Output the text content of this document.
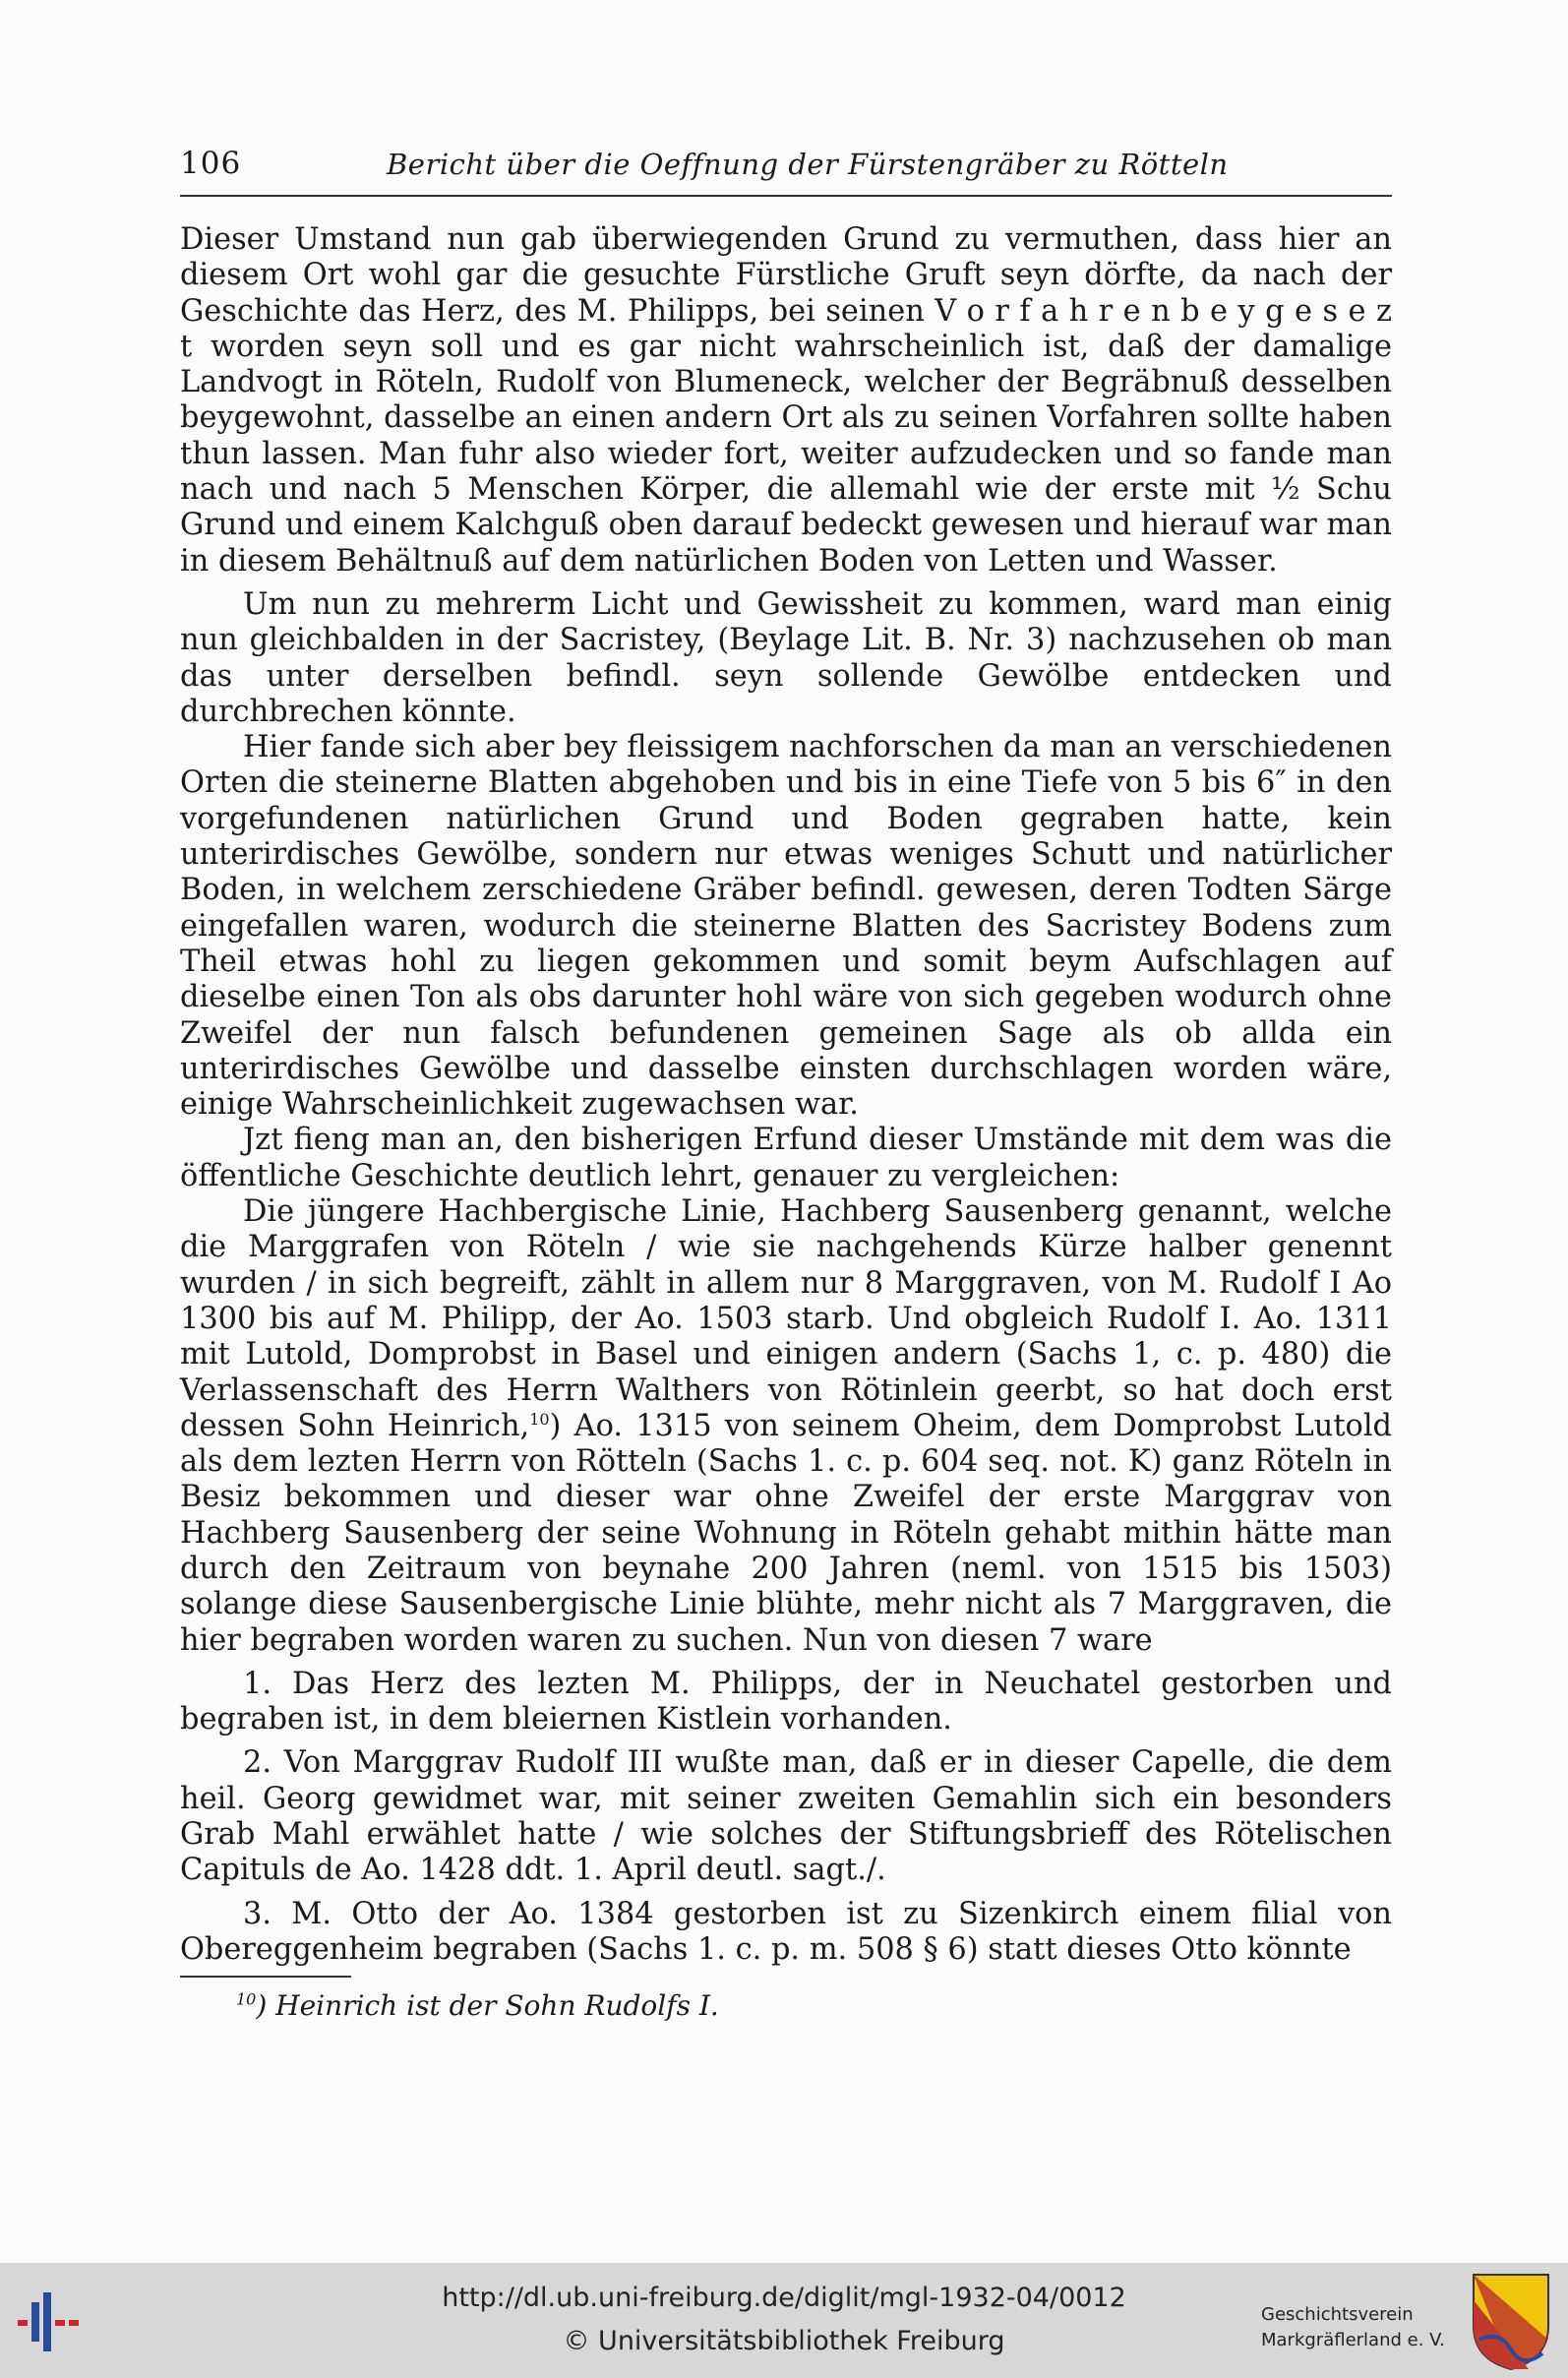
106	Bericht über die Oeffnung der Fürstengräber zu Rötteln

Dieser Umstand nun gab überwiegenden Grund zu vermuthen, dass hier an diesem Ort wohl gar die gesuchte Fürstliche Gruft seyn dörfte, da nach der Geschichte das Herz, des M. Philipps, bei seinen V o r f a h r e n b e y g e s e z t worden seyn soll und es gar nicht wahrscheinlich ist, daß der damalige Landvogt in Röteln, Rudolf von Blumeneck, welcher der Begräbnuß desselben beygewohnt, dasselbe an einen andern Ort als zu seinen Vorfahren sollte haben thun lassen. Man fuhr also wieder fort, weiter aufzudecken und so fande man nach und nach 5 Menschen Körper, die allemahl wie der erste mit ½ Schu Grund und einem Kalchguß oben darauf bedeckt gewesen und hierauf war man in diesem Behältnuß auf dem natürlichen Boden von Letten und Wasser.

Um nun zu mehrerm Licht und Gewissheit zu kommen, ward man einig nun gleichbalden in der Sacristey, (Beylage Lit. B. Nr. 3) nachzusehen ob man das unter derselben befindl. seyn sollende Gewölbe entdecken und durchbrechen könnte.

Hier fande sich aber bey fleissigem nachforschen da man an verschiedenen Orten die steinerne Blatten abgehoben und bis in eine Tiefe von 5 bis 6″ in den vorgefundenen natürlichen Grund und Boden gegraben hatte, kein unterirdisches Gewölbe, sondern nur etwas weniges Schutt und natürlicher Boden, in welchem zerschiedene Gräber befindl. gewesen, deren Todten Särge eingefallen waren, wodurch die steinerne Blatten des Sacristey Bodens zum Theil etwas hohl zu liegen gekommen und somit beym Aufschlagen auf dieselbe einen Ton als obs darunter hohl wäre von sich gegeben wodurch ohne Zweifel der nun falsch befundenen gemeinen Sage als ob allda ein unterirdisches Gewölbe und dasselbe einsten durchschlagen worden wäre, einige Wahrscheinlichkeit zugewachsen war.

Jzt fieng man an, den bisherigen Erfund dieser Umstände mit dem was die öffentliche Geschichte deutlich lehrt, genauer zu vergleichen:

Die jüngere Hachbergische Linie, Hachberg Sausenberg genannt, welche die Marggrafen von Röteln / wie sie nachgehends Kürze halber genennt wurden / in sich begreift, zählt in allem nur 8 Marggraven, von M. Rudolf I Ao 1300 bis auf M. Philipp, der Ao. 1503 starb. Und obgleich Rudolf I. Ao. 1311 mit Lutold, Domprobst in Basel und einigen andern (Sachs 1, c. p. 480) die Verlassenschaft des Herrn Walthers von Rötinlein geerbt, so hat doch erst dessen Sohn Heinrich,$^{10}$) Ao. 1315 von seinem Oheim, dem Domprobst Lutold als dem lezten Herrn von Rötteln (Sachs 1. c. p. 604 seq. not. K) ganz Röteln in Besiz bekommen und dieser war ohne Zweifel der erste Marggrav von Hachberg Sausenberg der seine Wohnung in Röteln gehabt mithin hätte man durch den Zeitraum von beynahe 200 Jahren (neml. von 1515 bis 1503) solange diese Sausenbergische Linie blühte, mehr nicht als 7 Marggraven, die hier begraben worden waren zu suchen. Nun von diesen 7 ware

1. Das Herz des lezten M. Philipps, der in Neuchatel gestorben und begraben ist, in dem bleiernen Kistlein vorhanden.

2. Von Marggrav Rudolf III wußte man, daß er in dieser Capelle, die dem heil. Georg gewidmet war, mit seiner zweiten Gemahlin sich ein besonders Grab Mahl erwählet hatte / wie solches der Stiftungsbrieff des Rötelischen Capituls de Ao. 1428 ddt. 1. April deutl. sagt./.

3. M. Otto der Ao. 1384 gestorben ist zu Sizenkirch einem filial von Obereggenheim begraben (Sachs 1. c. p. m. 508 § 6) statt dieses Otto könnte

$^{10}$) Heinrich ist der Sohn Rudolfs I.
http://dl.ub.uni-freiburg.de/diglit/mgl-1932-04/0012
© Universitätsbibliothek Freiburg
Geschichtsverein
Markgräflerland e. V.
